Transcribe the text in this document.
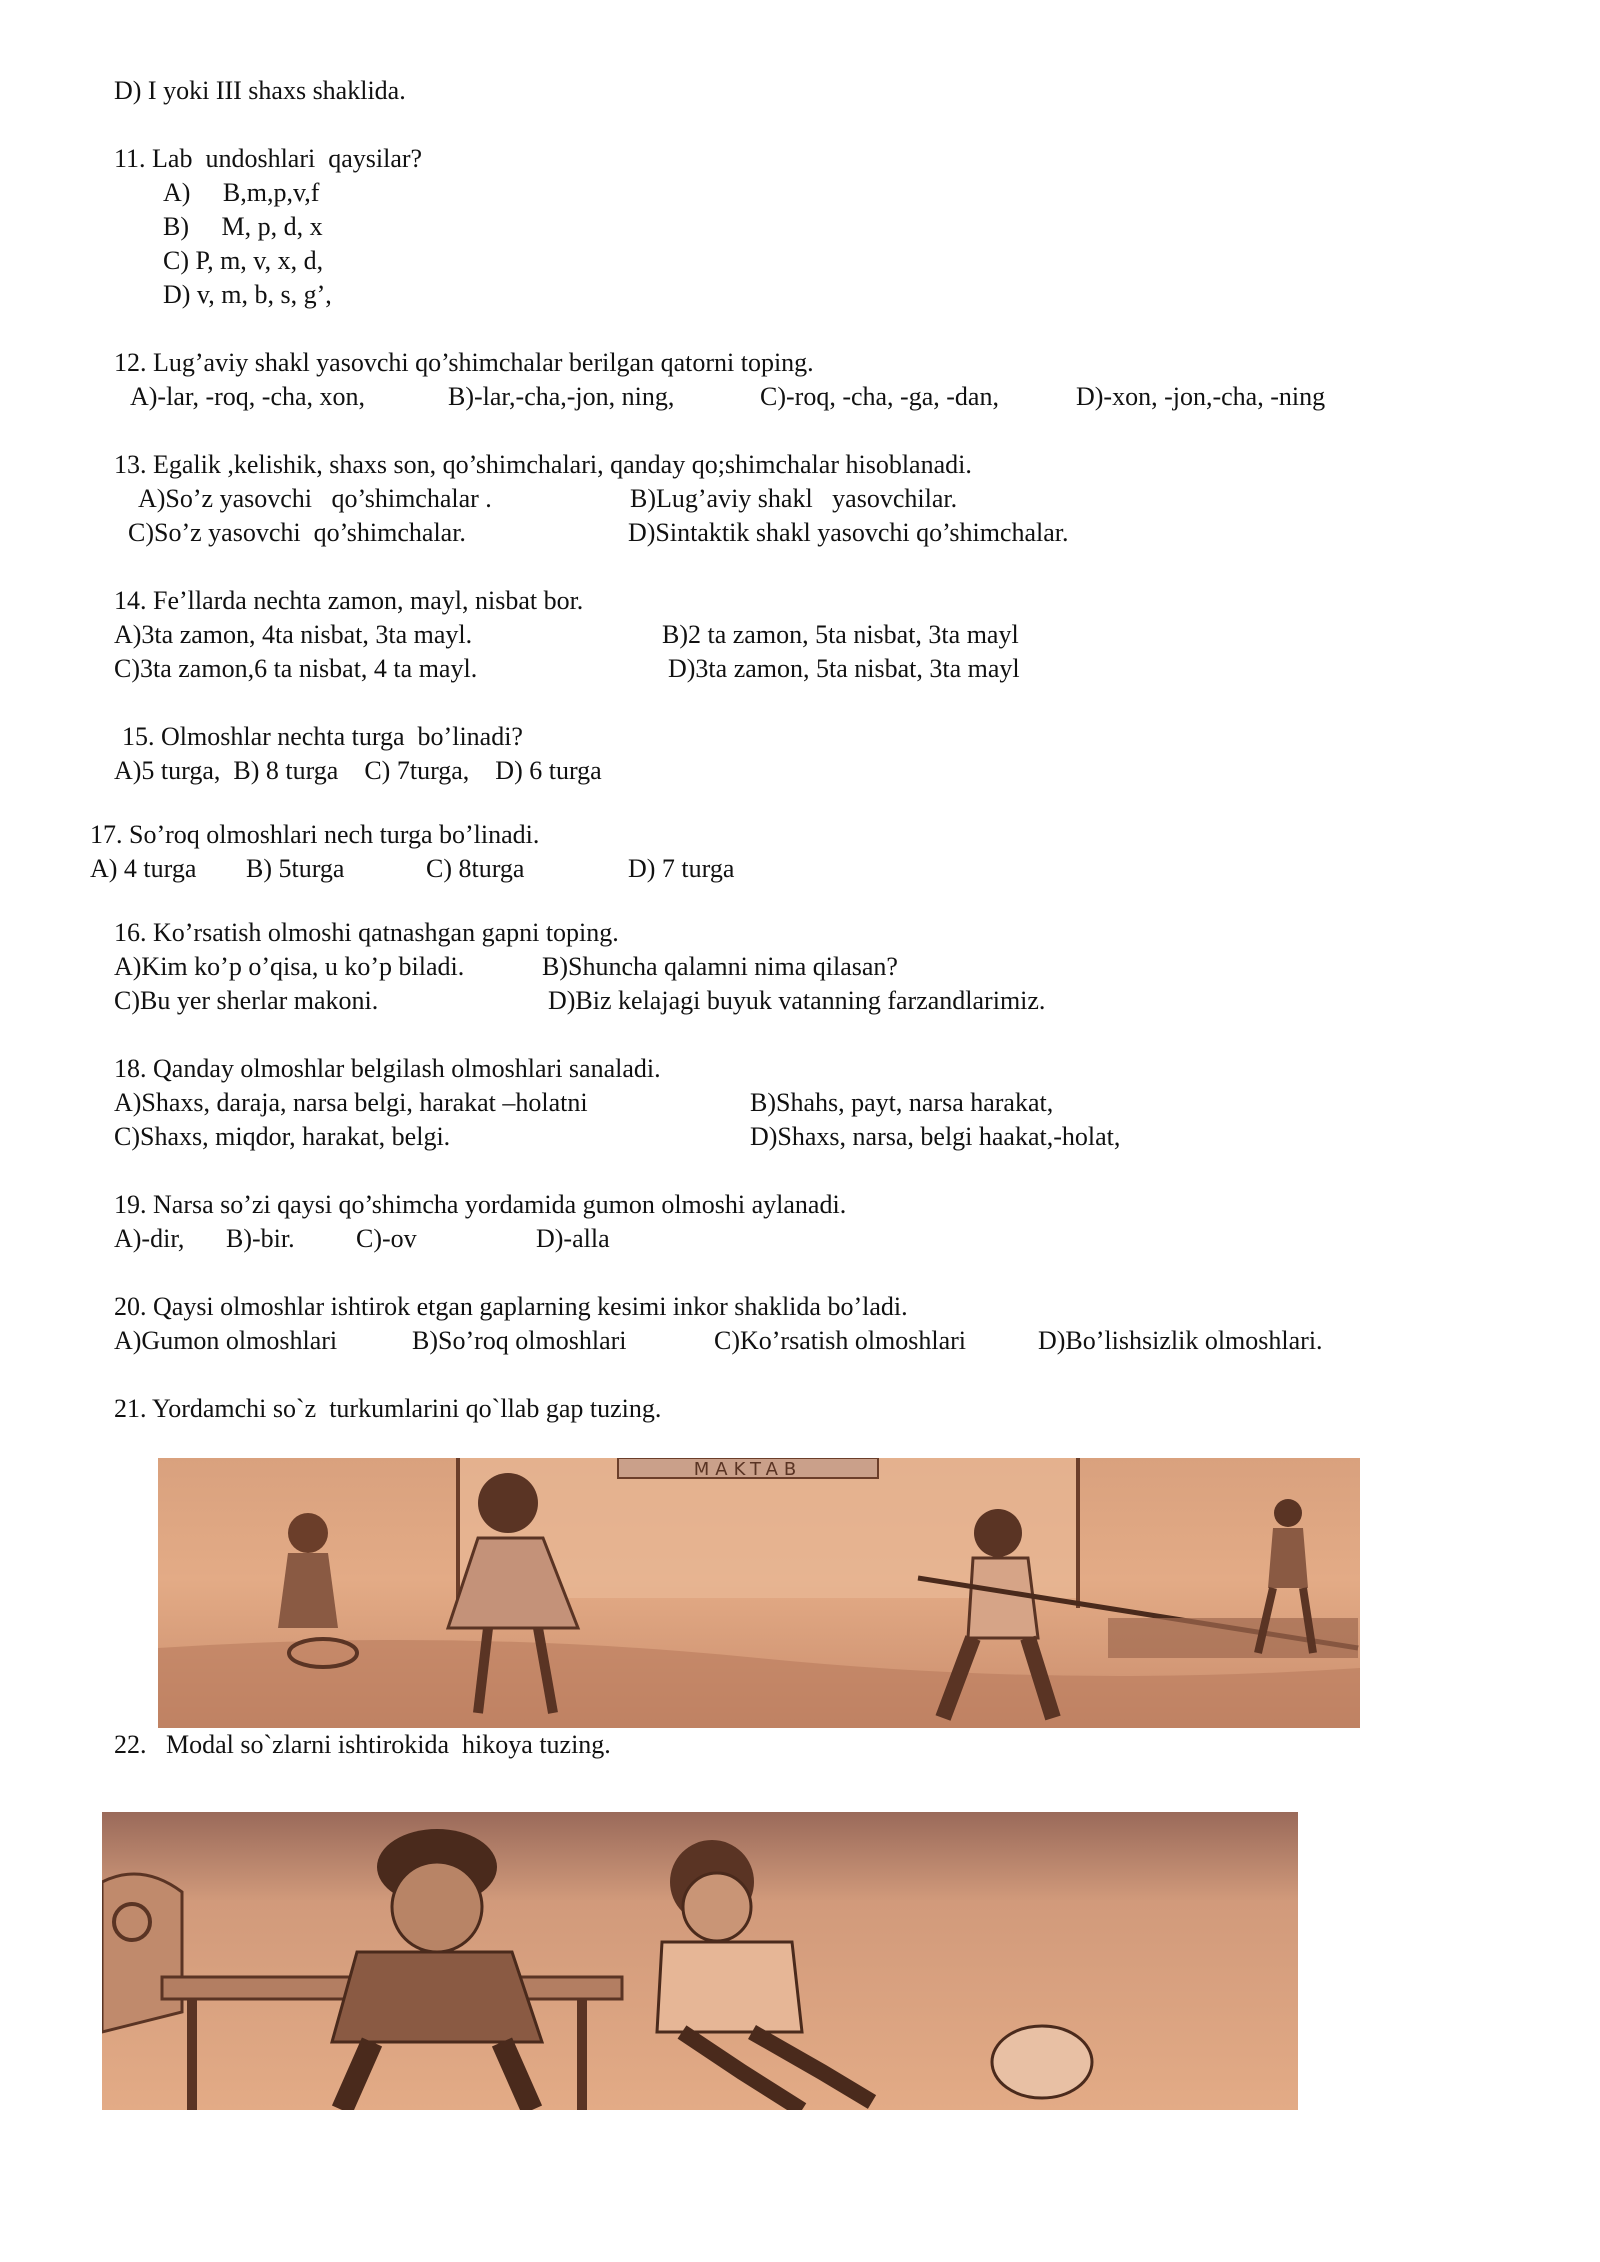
D) I yoki III shaxs shaklida.
11. Lab  undoshlari  qaysilar?
A)     B,m,p,v,f
B)     M, p, d, x
C) P, m, v, x, d,
D) v, m, b, s, g’,
12. Lug’aviy shakl yasovchi qo’shimchalar berilgan qatorni toping.
A)-lar, -roq, -cha, xon,	B)-lar,-cha,-jon, ning,	C)-roq, -cha, -ga, -dan,	D)-xon, -jon,-cha, -ning
13. Egalik ,kelishik, shaxs son, qo’shimchalari, qanday qo;shimchalar hisoblanadi.
A)So’z yasovchi   qo’shimchalar .	B)Lug’aviy shakl   yasovchilar.
C)So’z yasovchi  qo’shimchalar.	D)Sintaktik shakl yasovchi qo’shimchalar.
14. Fe’llarda nechta zamon, mayl, nisbat bor.
A)3ta zamon, 4ta nisbat, 3ta mayl.	B)2 ta zamon, 5ta nisbat, 3ta mayl
C)3ta zamon,6 ta nisbat, 4 ta mayl.	D)3ta zamon, 5ta nisbat, 3ta mayl
15. Olmoshlar nechta turga  bo’linadi?
A)5 turga,  B) 8 turga    C) 7turga,    D) 6 turga
17. So’roq olmoshlari nech turga bo’linadi.
A) 4 turga B) 5turga	C) 8turga	D) 7 turga
16. Ko’rsatish olmoshi qatnashgan gapni toping.
A)Kim ko’p o’qisa, u ko’p biladi.	B)Shuncha qalamni nima qilasan?
C)Bu yer sherlar makoni.	D)Biz kelajagi buyuk vatanning farzandlarimiz.
18. Qanday olmoshlar belgilash olmoshlari sanaladi.
A)Shaxs, daraja, narsa belgi, harakat –holatni	B)Shahs, payt, narsa harakat,
C)Shaxs, miqdor, harakat, belgi.	D)Shaxs, narsa, belgi haakat,-holat,
19. Narsa so’zi qaysi qo’shimcha yordamida gumon olmoshi aylanadi.
A)-dir, B)-bir. C)-ov	D)-alla
20. Qaysi olmoshlar ishtirok etgan gaplarning kesimi inkor shaklida bo’ladi.
A)Gumon olmoshlari	B)So’roq olmoshlari	C)Ko’rsatish olmoshlari	D)Bo’lishsizlik olmoshlari.
21. Yordamchi so`z  turkumlarini qo`llab gap tuzing.
MAKTAB
22.   Modal so`zlarni ishtirokida  hikoya tuzing.
